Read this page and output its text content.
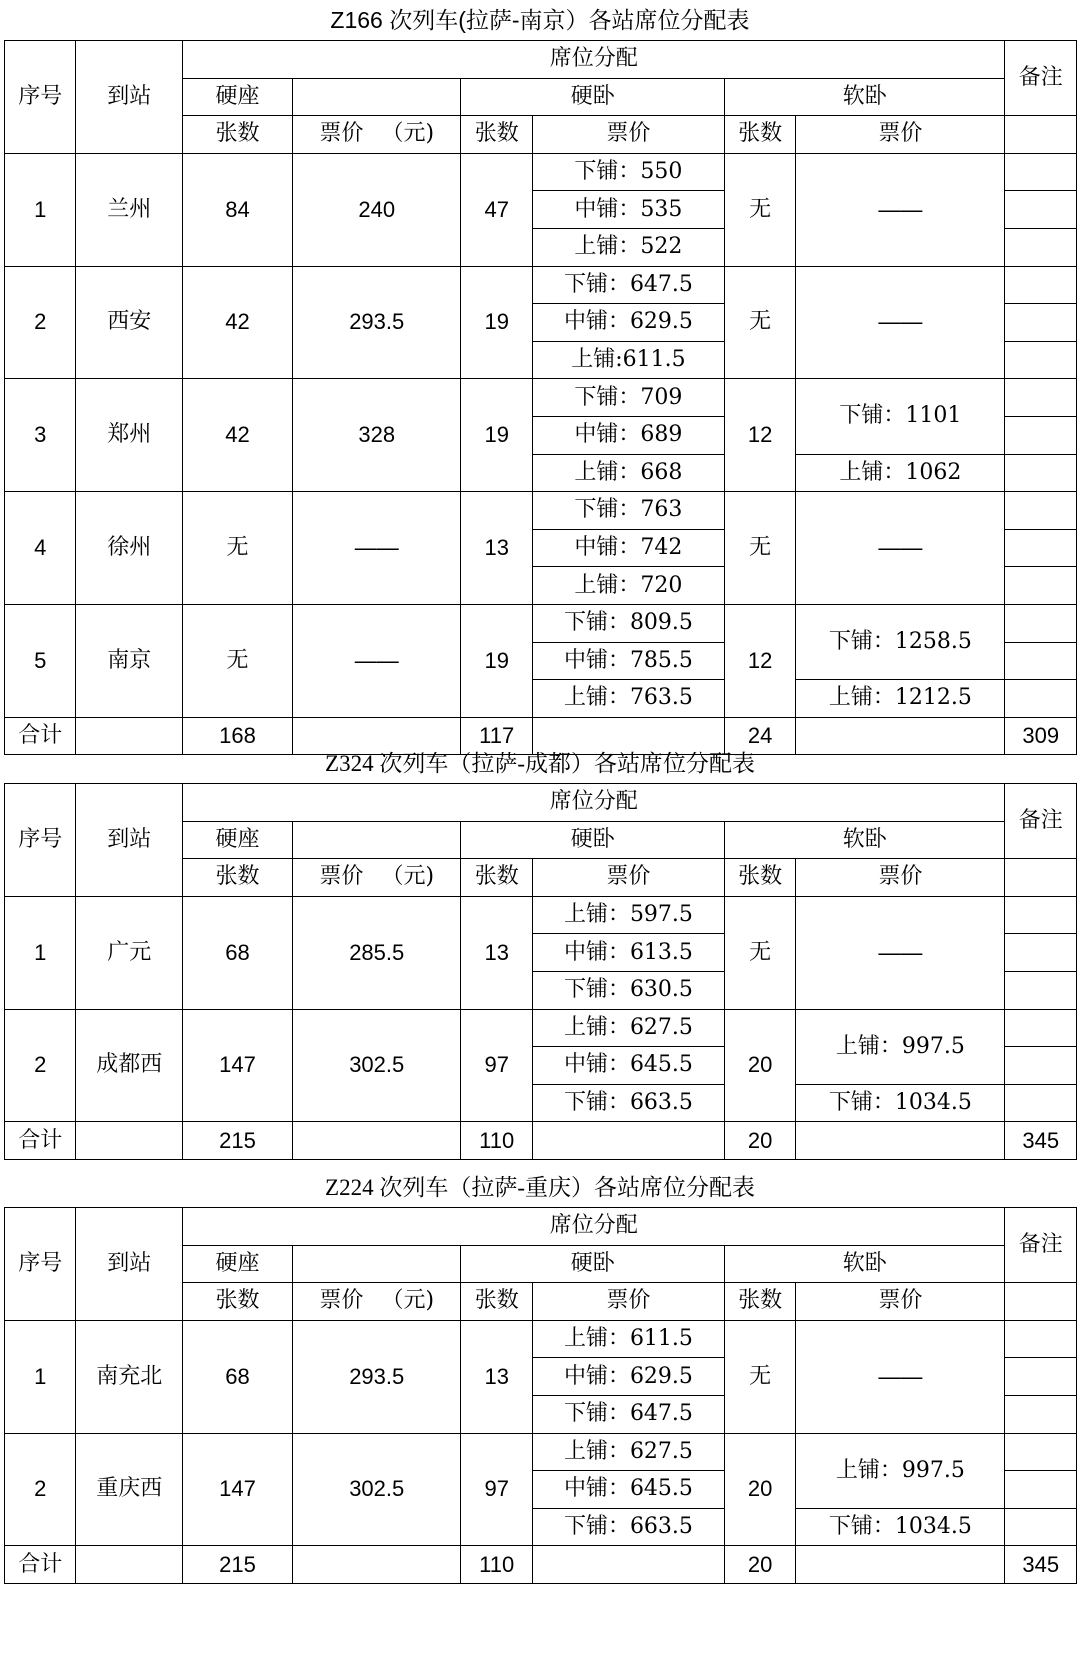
Z166 次列车(拉萨-南京）各站席位分配表
序号	到站	席位分配						备注
		硬座		硬卧		软卧		
		张数	票价 （元)	张数	票价	张数	票价	
1	兰州	84	240	47	下铺：550	无	——	
					中铺：535			
					上铺：522			
2	西安	42	293.5	19	下铺：647.5	无	——	
					中铺：629.5			
					上铺:611.5			
3	郑州	42	328	19	下铺：709	12	下铺：1101	
					中铺：689			
					上铺：668		上铺：1062	
4	徐州	无	——	13	下铺：763	无	——	
					中铺：742			
					上铺：720			
5	南京	无	——	19	下铺：809.5	12	下铺：1258.5	
					中铺：785.5			
					上铺：763.5		上铺：1212.5	
合计		168		117		24		309
Z324 次列车（拉萨-成都）各站席位分配表
序号	到站	席位分配						备注
		硬座		硬卧		软卧		
		张数	票价 （元)	张数	票价	张数	票价	
1	广元	68	285.5	13	上铺：597.5	无	——	
					中铺：613.5			
					下铺：630.5			
2	成都西	147	302.5	97	上铺：627.5	20	上铺：997.5	
					中铺：645.5			
					下铺：663.5		下铺：1034.5	
合计		215		110		20		345
Z224 次列车（拉萨-重庆）各站席位分配表
序号	到站	席位分配						备注
		硬座		硬卧		软卧		
		张数	票价 （元)	张数	票价	张数	票价	
1	南充北	68	293.5	13	上铺：611.5	无	——	
					中铺：629.5			
					下铺：647.5			
2	重庆西	147	302.5	97	上铺：627.5	20	上铺：997.5	
					中铺：645.5			
					下铺：663.5		下铺：1034.5	
合计		215		110		20		345
